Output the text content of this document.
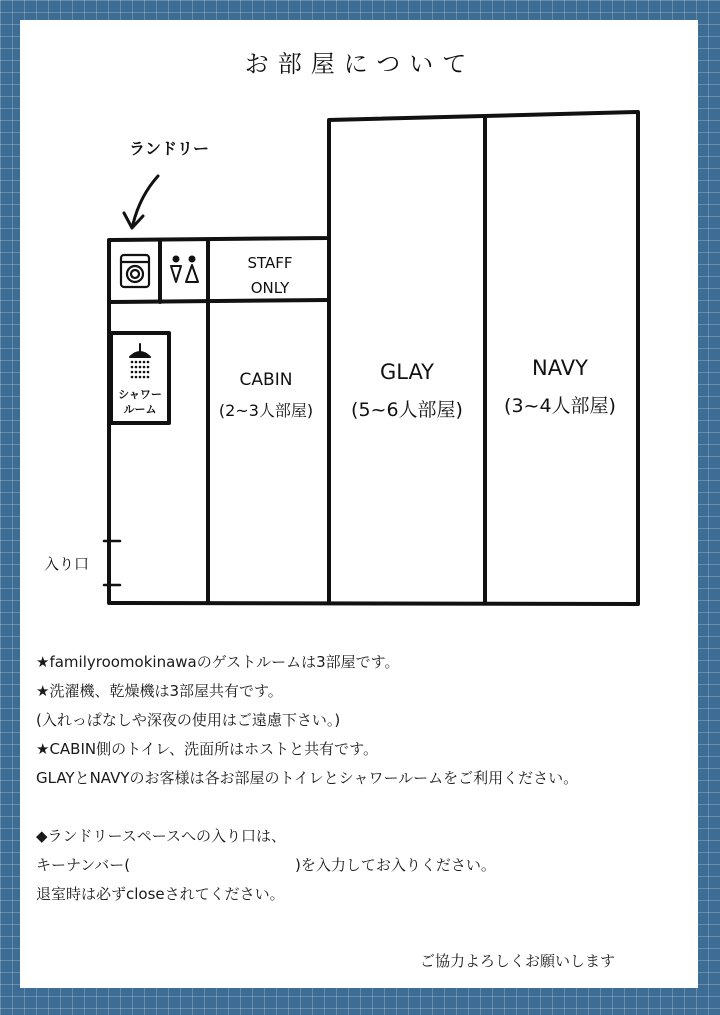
お部屋について
シャワー
ルーム
ランドリー
STAFF
ONLY
CABIN
(2~3人部屋)
GLAY
(5~6人部屋)
NAVY
(3~4人部屋)
入り口
★familyroomokinawaのゲストルームは3部屋です。
★洗濯機、乾燥機は3部屋共有です。
(入れっぱなしや深夜の使用はご遠慮下さい。)
★CABIN側のトイレ、洗面所はホストと共有です。
GLAYとNAVYのお客様は各お部屋のトイレとシャワールームをご利用ください。
◆ランドリースペースへの入り口は、
キーナンバー(　　　　　　　　　　　)を入力してお入りください。
退室時は必ずcloseされてください。
ご協力よろしくお願いします
